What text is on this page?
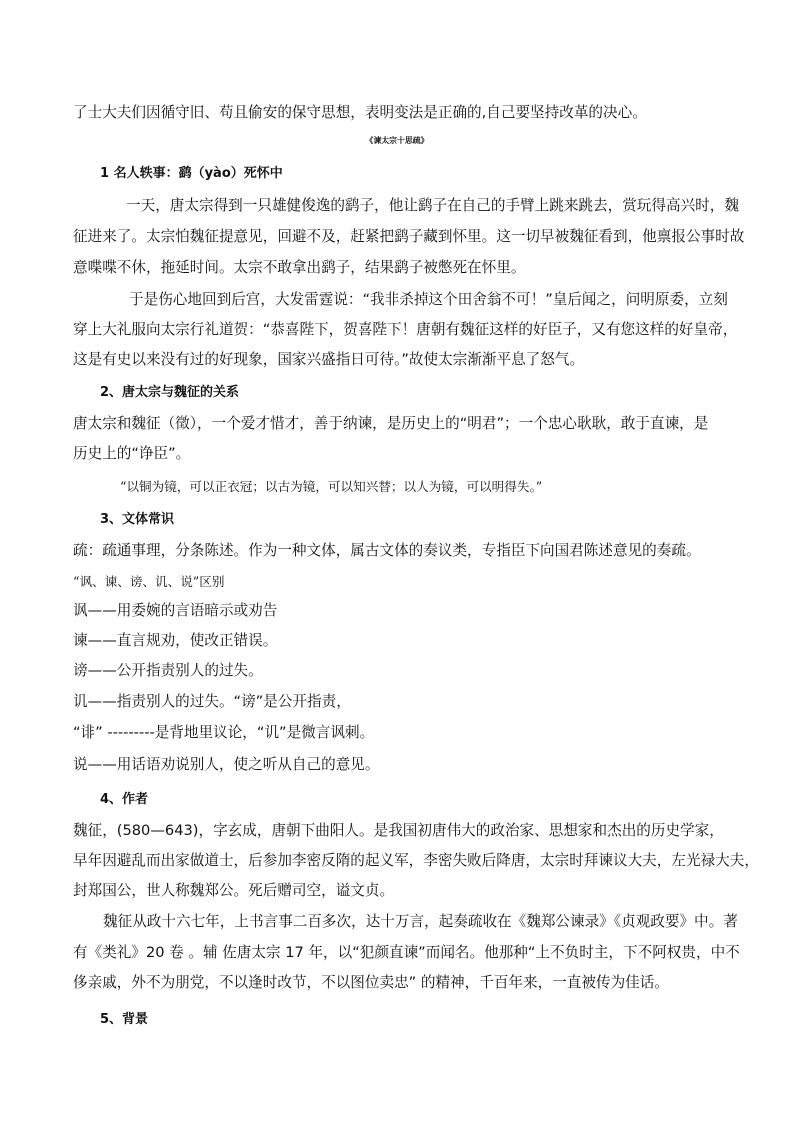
了士大夫们因循守旧、苟且偷安的保守思想，表明变法是正确的,自己要坚持改革的决心。
《谏太宗十思疏》
1 名人轶事：鹞（yào）死怀中
一天，唐太宗得到一只雄健俊逸的鹞子，他让鹞子在自己的手臂上跳来跳去，赏玩得高兴时，魏
征进来了。太宗怕魏征提意见，回避不及，赶紧把鹞子藏到怀里。这一切早被魏征看到，他禀报公事时故
意喋喋不休，拖延时间。太宗不敢拿出鹞子，结果鹞子被憋死在怀里。
于是伤心地回到后宫，大发雷霆说：“我非杀掉这个田舍翁不可！”皇后闻之，问明原委，立刻
穿上大礼服向太宗行礼道贺：“恭喜陛下，贺喜陛下！唐朝有魏征这样的好臣子，又有您这样的好皇帝，
这是有史以来没有过的好现象，国家兴盛指日可待。”故使太宗渐渐平息了怒气。
2、唐太宗与魏征的关系
唐太宗和魏征（徵），一个爱才惜才，善于纳谏，是历史上的“明君”；一个忠心耿耿，敢于直谏，是
历史上的“诤臣”。
“以铜为镜，可以正衣冠；以古为镜，可以知兴替；以人为镜，可以明得失。”
3、文体常识
疏：疏通事理，分条陈述。作为一种文体，属古文体的奏议类，专指臣下向国君陈述意见的奏疏。
“讽、谏、谤、讥、说”区别
讽——用委婉的言语暗示或劝告
谏——直言规劝，使改正错误。
谤——公开指责别人的过失。
讥——指责别人的过失。“谤”是公开指责，
“诽” ---------是背地里议论，“讥”是微言讽刺。
说——用话语劝说别人，使之听从自己的意见。
4、作者
魏征，(580—643)，字玄成，唐朝下曲阳人。是我国初唐伟大的政治家、思想家和杰出的历史学家，
早年因避乱而出家做道士，后参加李密反隋的起义军，李密失败后降唐，太宗时拜谏议大夫，左光禄大夫，
封郑国公，世人称魏郑公。死后赠司空，谥文贞。
魏征从政十六七年，上书言事二百多次，达十万言，起奏疏收在《魏郑公谏录》《贞观政要》中。著
有《类礼》20 卷 。辅 佐唐太宗 17 年，以“犯颜直谏”而闻名。他那种“上不负时主，下不阿权贵，中不
侈亲戚，外不为朋党，不以逢时改节，不以图位卖忠” 的精神，千百年来，一直被传为佳话。
5、背景
